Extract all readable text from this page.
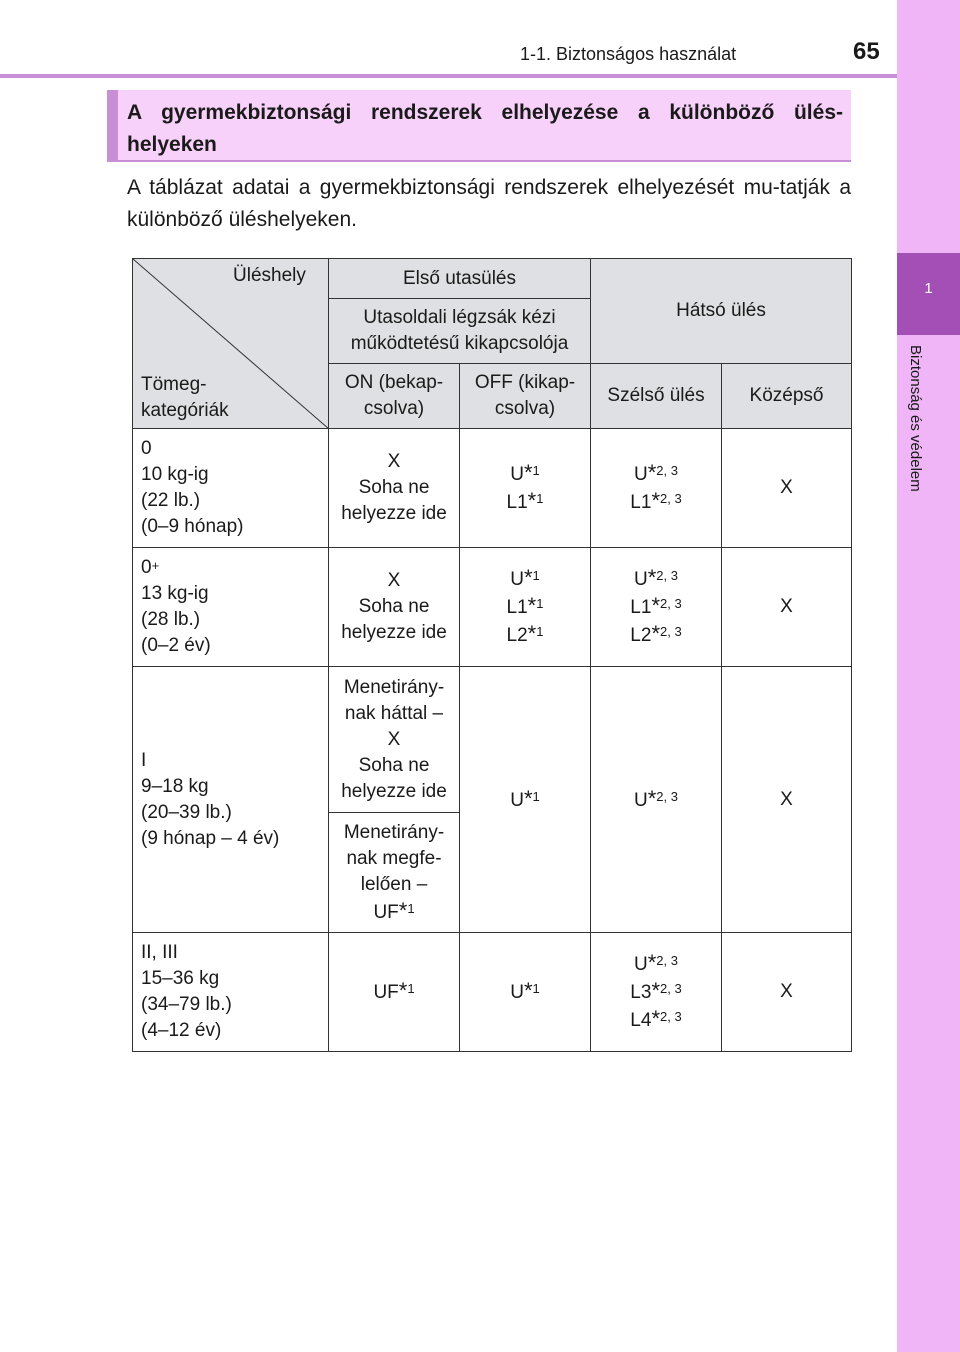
1-1. Biztonságos használat	65
1
Biztonság és védelem
A gyermekbiztonsági rendszerek elhelyezése a különböző ülés-helyeken
A táblázat adatai a gyermekbiztonsági rendszerek elhelyezését mu-tatják a különböző üléshelyeken.
Üléshely
Tömeg-
kategóriák	Első utasülés		Hátsó ülés	
	Utasoldali légzsák kézi
működtetésű kikapcsolója			
	ON (bekap-
csolva)	OFF (kikap-
csolva)	Szélső ülés	Középső
0
10 kg-ig
(22 lb.)
(0–9 hónap)	X
Soha ne
helyezze ide	U*$^1$
L1*$^1$	U*$^{2, 3}$
L1*$^{2, 3}$	X
0+
13 kg-ig
(28 lb.)
(0–2 év)	X
Soha ne
helyezze ide	U*$^1$
L1*$^1$
L2*$^1$	U*$^{2, 3}$
L1*$^{2, 3}$
L2*$^{2, 3}$	X
I
9–18 kg
(20–39 lb.)
(9 hónap – 4 év)	Menetirány-
nak háttal –
X
Soha ne
helyezze ide	U*$^1$	U*$^{2, 3}$	X
	Menetirány-
nak megfe-
lelően –
UF*$^1$
II, III
15–36 kg
(34–79 lb.)
(4–12 év)	UF*$^1$	U*$^1$	U*$^{2, 3}$
L3*$^{2, 3}$
L4*$^{2, 3}$	X
